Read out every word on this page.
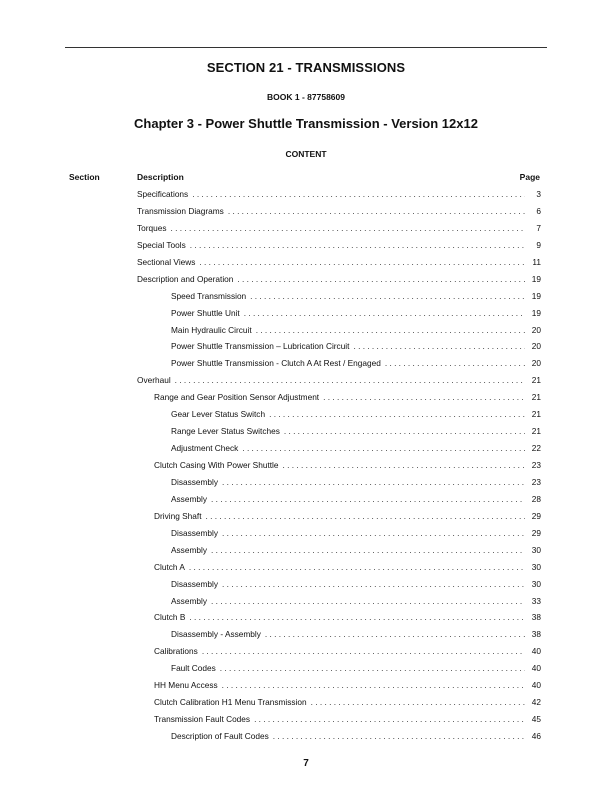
SECTION 21 - TRANSMISSIONS
BOOK 1 - 87758609
Chapter 3 - Power Shuttle Transmission - Version 12x12
CONTENT
Section	Description	Page
Specifications . . .	3
Transmission Diagrams . . .	6
Torques . . .	7
Special Tools . . .	9
Sectional Views . . .	11
Description and Operation . . .	19
Speed Transmission . . .	19
Power Shuttle Unit . . .	19
Main Hydraulic Circuit . . .	20
Power Shuttle Transmission – Lubrication Circuit . . .	20
Power Shuttle Transmission - Clutch A At Rest / Engaged . . .	20
Overhaul . . .	21
Range and Gear Position Sensor Adjustment . . .	21
Gear Lever Status Switch . . .	21
Range Lever Status Switches . . .	21
Adjustment Check . . .	22
Clutch Casing With Power Shuttle . . .	23
Disassembly . . .	23
Assembly . . .	28
Driving Shaft . . .	29
Disassembly . . .	29
Assembly . . .	30
Clutch A . . .	30
Disassembly . . .	30
Assembly . . .	33
Clutch B . . .	38
Disassembly - Assembly . . .	38
Calibrations . . .	40
Fault Codes . . .	40
HH Menu Access . . .	40
Clutch Calibration H1 Menu Transmission . . .	42
Transmission Fault Codes . . .	45
Description of Fault Codes . . .	46
7
